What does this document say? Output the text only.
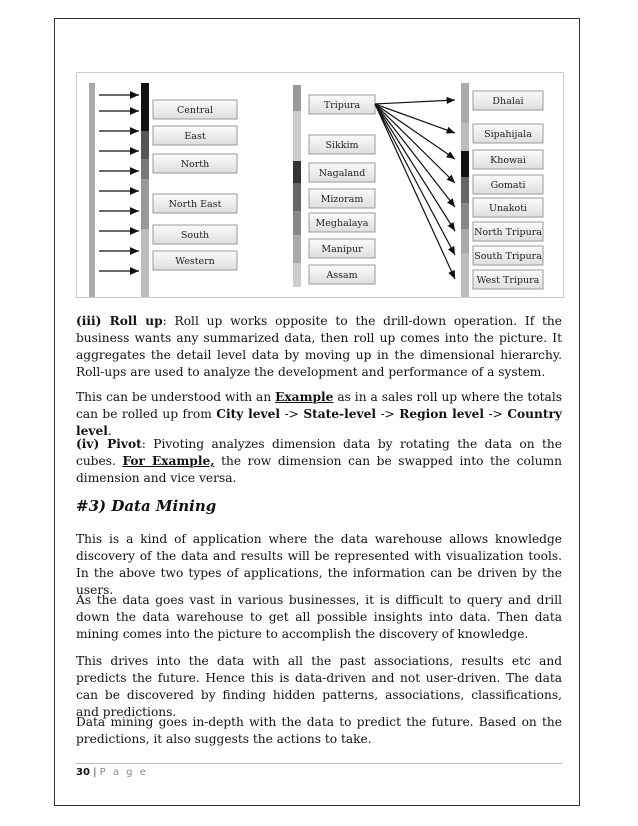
Central
East
North
North East
South
Western
Tripura
Sikkim
Nagaland
Mizoram
Meghalaya
Manipur
Assam
Dhalai
Sipahijala
Khowai
Gomati
Unakoti
North Tripura
South Tripura
West Tripura

(iii) Roll up: Roll up works opposite to the drill-down operation. If the business wants any summarized data, then roll up comes into the picture. It aggregates the detail level data by moving up in the dimensional hierarchy. Roll-ups are used to analyze the development and performance of a system.

This can be understood with an Example as in a sales roll up where the totals can be rolled up from City level -> State-level -> Region level -> Country level.

(iv) Pivot: Pivoting analyzes dimension data by rotating the data on the cubes. For Example, the row dimension can be swapped into the column dimension and vice versa.

#3) Data Mining
This is a kind of application where the data warehouse allows knowledge discovery of the data and results will be represented with visualization tools. In the above two types of applications, the information can be driven by the users.
As the data goes vast in various businesses, it is difficult to query and drill down the data warehouse to get all possible insights into data. Then data mining comes into the picture to accomplish the discovery of knowledge.
This drives into the data with all the past associations, results etc and predicts the future. Hence this is data-driven and not user-driven. The data can be discovered by finding hidden patterns, associations, classifications, and predictions.
Data mining goes in-depth with the data to predict the future. Based on the predictions, it also suggests the actions to take.
30 | P a g e
